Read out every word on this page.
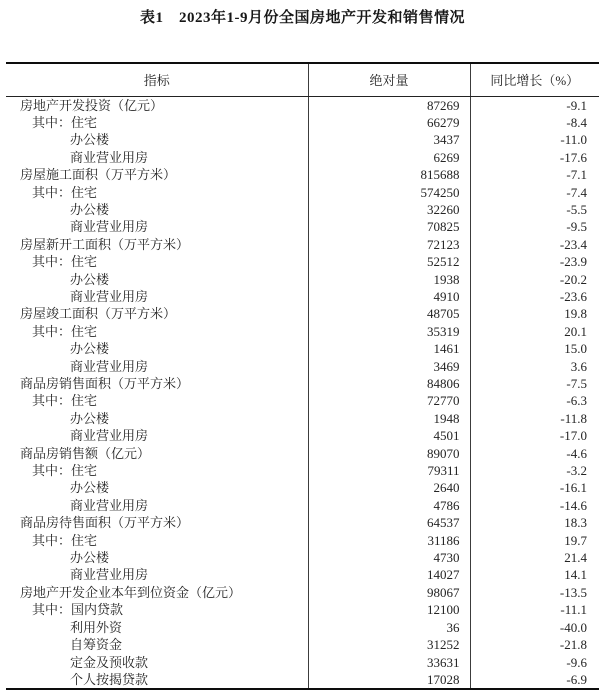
表1　2023年1-9月份全国房地产开发和销售情况
指标	绝对量	同比增长（%）
房地产开发投资（亿元）	87269	-9.1
其中：住宅	66279	-8.4
办公楼	3437	-11.0
商业营业用房	6269	-17.6
房屋施工面积（万平方米）	815688	-7.1
其中：住宅	574250	-7.4
办公楼	32260	-5.5
商业营业用房	70825	-9.5
房屋新开工面积（万平方米）	72123	-23.4
其中：住宅	52512	-23.9
办公楼	1938	-20.2
商业营业用房	4910	-23.6
房屋竣工面积（万平方米）	48705	19.8
其中：住宅	35319	20.1
办公楼	1461	15.0
商业营业用房	3469	3.6
商品房销售面积（万平方米）	84806	-7.5
其中：住宅	72770	-6.3
办公楼	1948	-11.8
商业营业用房	4501	-17.0
商品房销售额（亿元）	89070	-4.6
其中：住宅	79311	-3.2
办公楼	2640	-16.1
商业营业用房	4786	-14.6
商品房待售面积（万平方米）	64537	18.3
其中：住宅	31186	19.7
办公楼	4730	21.4
商业营业用房	14027	14.1
房地产开发企业本年到位资金（亿元）	98067	-13.5
其中：国内贷款	12100	-11.1
利用外资	36	-40.0
自筹资金	31252	-21.8
定金及预收款	33631	-9.6
个人按揭贷款	17028	-6.9
